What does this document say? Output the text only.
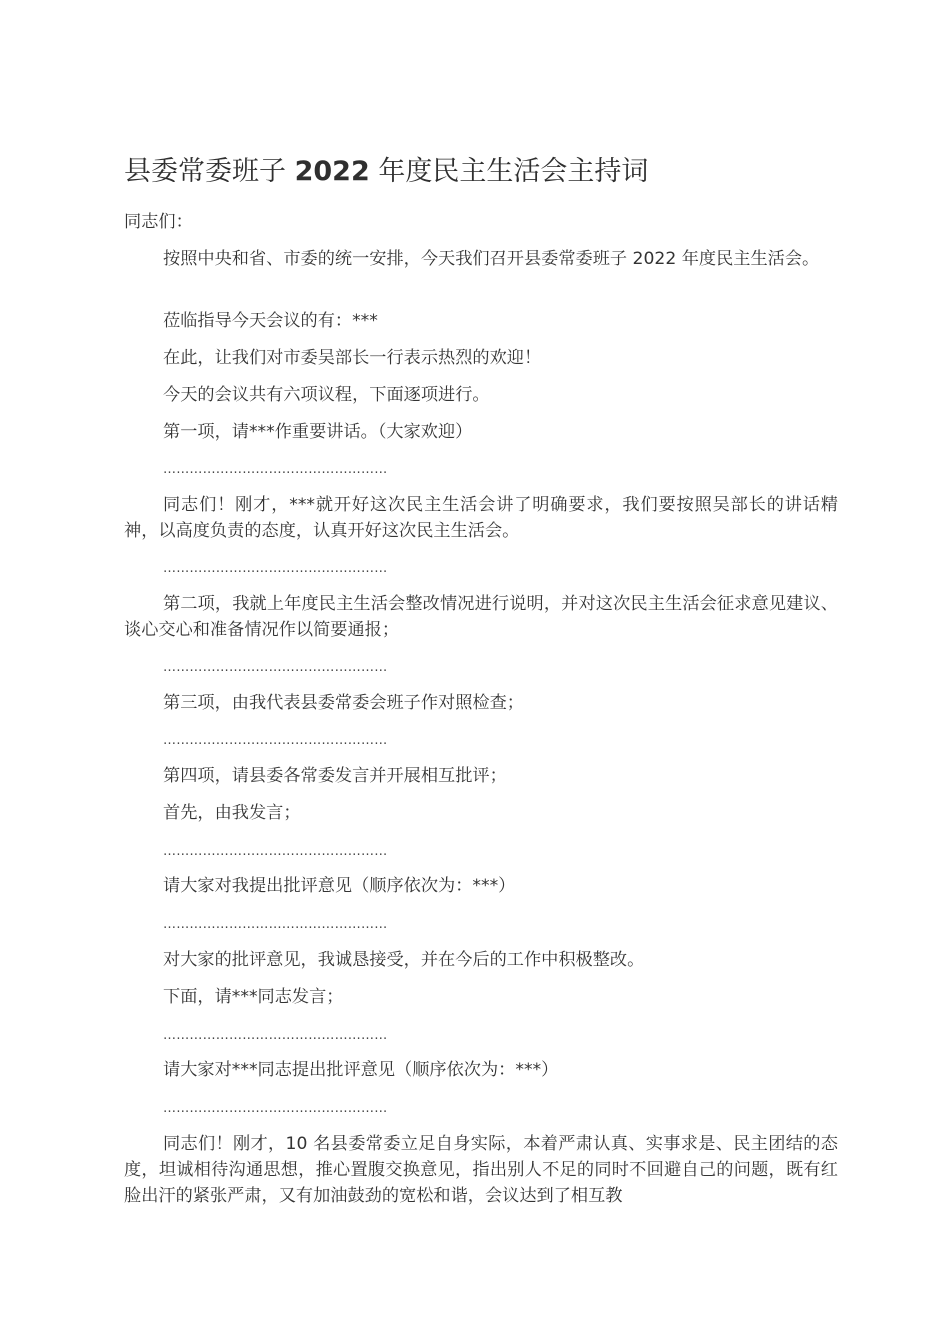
县委常委班子 2022 年度民主生活会主持词

同志们：

按照中央和省、市委的统一安排，今天我们召开县委常委班子 2022 年度民主生活会。

莅临指导今天会议的有：***

在此，让我们对市委吴部长一行表示热烈的欢迎！

今天的会议共有六项议程，下面逐项进行。

第一项，请***作重要讲话。（大家欢迎）

……………………………………………

同志们！刚才，***就开好这次民主生活会讲了明确要求，我们要按照吴部长的讲话精神，以高度负责的态度，认真开好这次民主生活会。

……………………………………………

第二项，我就上年度民主生活会整改情况进行说明，并对这次民主生活会征求意见建议、谈心交心和准备情况作以简要通报；

……………………………………………

第三项，由我代表县委常委会班子作对照检查；

……………………………………………

第四项，请县委各常委发言并开展相互批评；

首先，由我发言；

……………………………………………

请大家对我提出批评意见（顺序依次为：***）

……………………………………………

对大家的批评意见，我诚恳接受，并在今后的工作中积极整改。

下面，请***同志发言；

……………………………………………

请大家对***同志提出批评意见（顺序依次为：***）

……………………………………………

同志们！刚才，10 名县委常委立足自身实际，本着严肃认真、实事求是、民主团结的态度，坦诚相待沟通思想，推心置腹交换意见，指出别人不足的同时不回避自己的问题，既有红脸出汗的紧张严肃，又有加油鼓劲的宽松和谐，会议达到了相互教
